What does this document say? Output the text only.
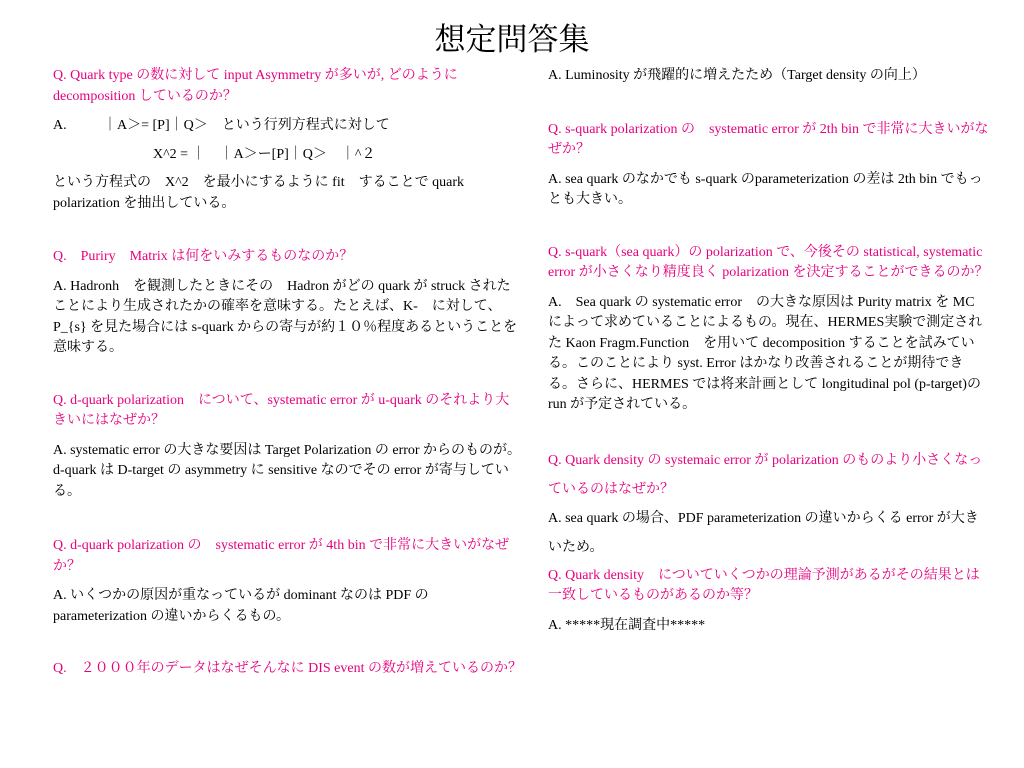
想定問答集

Q. Quark type の数に対して input Asymmetry が多いが, どのように decomposition しているのか？

A.	｜A＞= [P]｜Q＞　という行列方程式に対して

X^2 = ｜　｜A＞ー[P]｜Q＞　｜^２

という方程式の　X^2　を最小にするように fit　することで quark polarization を抽出している。

Q.　Puriry　Matrix は何をいみするものなのか？

A. Hadronh　を観測したときにその　Hadron がどの quark が struck されたことにより生成されたかの確率を意味する。たとえば、K-　に対して、P_{s} を見た場合には s-quark からの寄与が約１０％程度あるということを意味する。

Q. d-quark polarization　について、systematic error が u-quark のそれより大きいにはなぜか？

A. systematic error の大きな要因は Target Polarization の error からのものが。 d-quark は D-target の asymmetry に sensitive なのでその error が寄与している。

Q. d-quark polarization の　systematic error が 4th bin で非常に大きいがなぜか？

A. いくつかの原因が重なっているが dominant なのは PDF の parameterization の違いからくるもの。

Q.　２０００年のデータはなぜそんなに DIS event の数が増えているのか？

A. Luminosity が飛躍的に増えたため（Target density の向上）

Q. s-quark polarization の　systematic error が 2th bin で非常に大きいがなぜか？

A. sea quark のなかでも s-quark のparameterization の差は 2th bin でもっとも大きい。

Q. s-quark（sea quark）の polarization で、今後その statistical, systematic error が小さくなり精度良く polarization を決定することができるのか？

A.　Sea quark の systematic error　の大きな原因は Purity matrix を MC によって求めていることによるもの。現在、HERMES実験で測定された Kaon Fragm.Function　を用いて decomposition することを試みている。このことにより syst. Error はかなり改善されることが期待できる。さらに、HERMES では将来計画として longitudinal pol (p-target)の run が予定されている。

Q. Quark density の systemaic error が polarization のものより小さくなっているのはなぜか？

A. sea quark の場合、PDF parameterization の違いからくる error が大きいため。

Q. Quark density　についていくつかの理論予測があるがその結果とは一致しているものがあるのか等？

A. *****現在調査中*****
